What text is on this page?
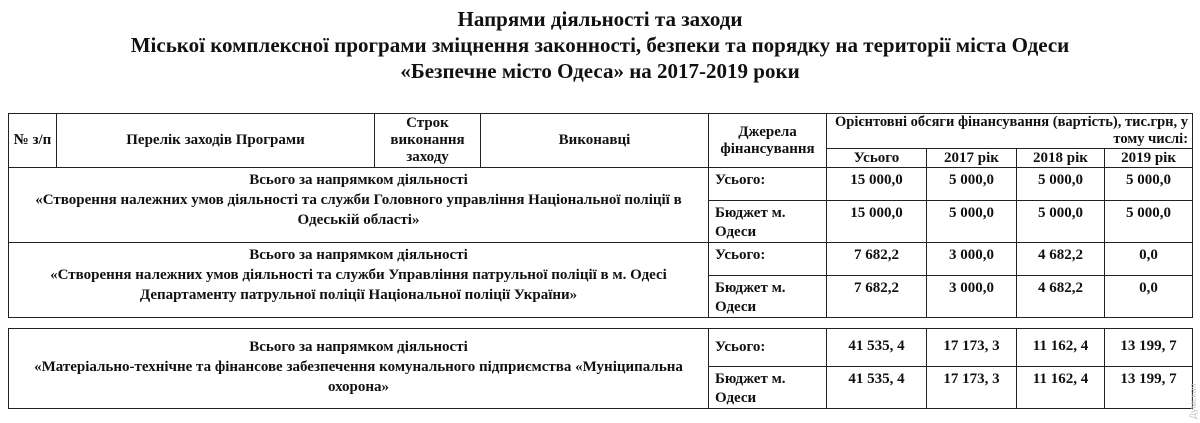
Напрями діяльності та заходи
Міської комплексної програми зміцнення законності, безпеки та порядку на території міста Одеси
«Безпечне місто Одеса» на 2017-2019 роки
№ з/п	Перелік заходів Програми	Строк виконання заходу	Виконавці	Джерела фінансування	Орієнтовні обсяги фінансування (вартість), тис.грн, у тому числі:			
					Усього	2017 рік	2018 рік	2019 рік

Всього за напрямком діяльності
«Створення належних умов діяльності та служби Головного управління Національної поліції в Одеській області»				Усього:	15 000,0	5 000,0	5 000,0	5 000,0
				Бюджет м. Одеси	15 000,0	5 000,0	5 000,0	5 000,0

Всього за напрямком діяльності
«Створення належних умов діяльності та служби Управління патрульної поліції в м. Одесі Департаменту патрульної поліції Національної поліції України»				Усього:	7 682,2	3 000,0	4 682,2	0,0
				Бюджет м. Одеси	7 682,2	3 000,0	4 682,2	0,0

Всього за напрямком діяльності
«Матеріально-технічне та фінансове забезпечення комунального підприємства «Муніципальна охорона»				Усього:	41 535, 4	17 173, 3	11 162, 4	13 199, 7
				Бюджет м. Одеси	41 535, 4	17 173, 3	11 162, 4	13 199, 7
Думская
